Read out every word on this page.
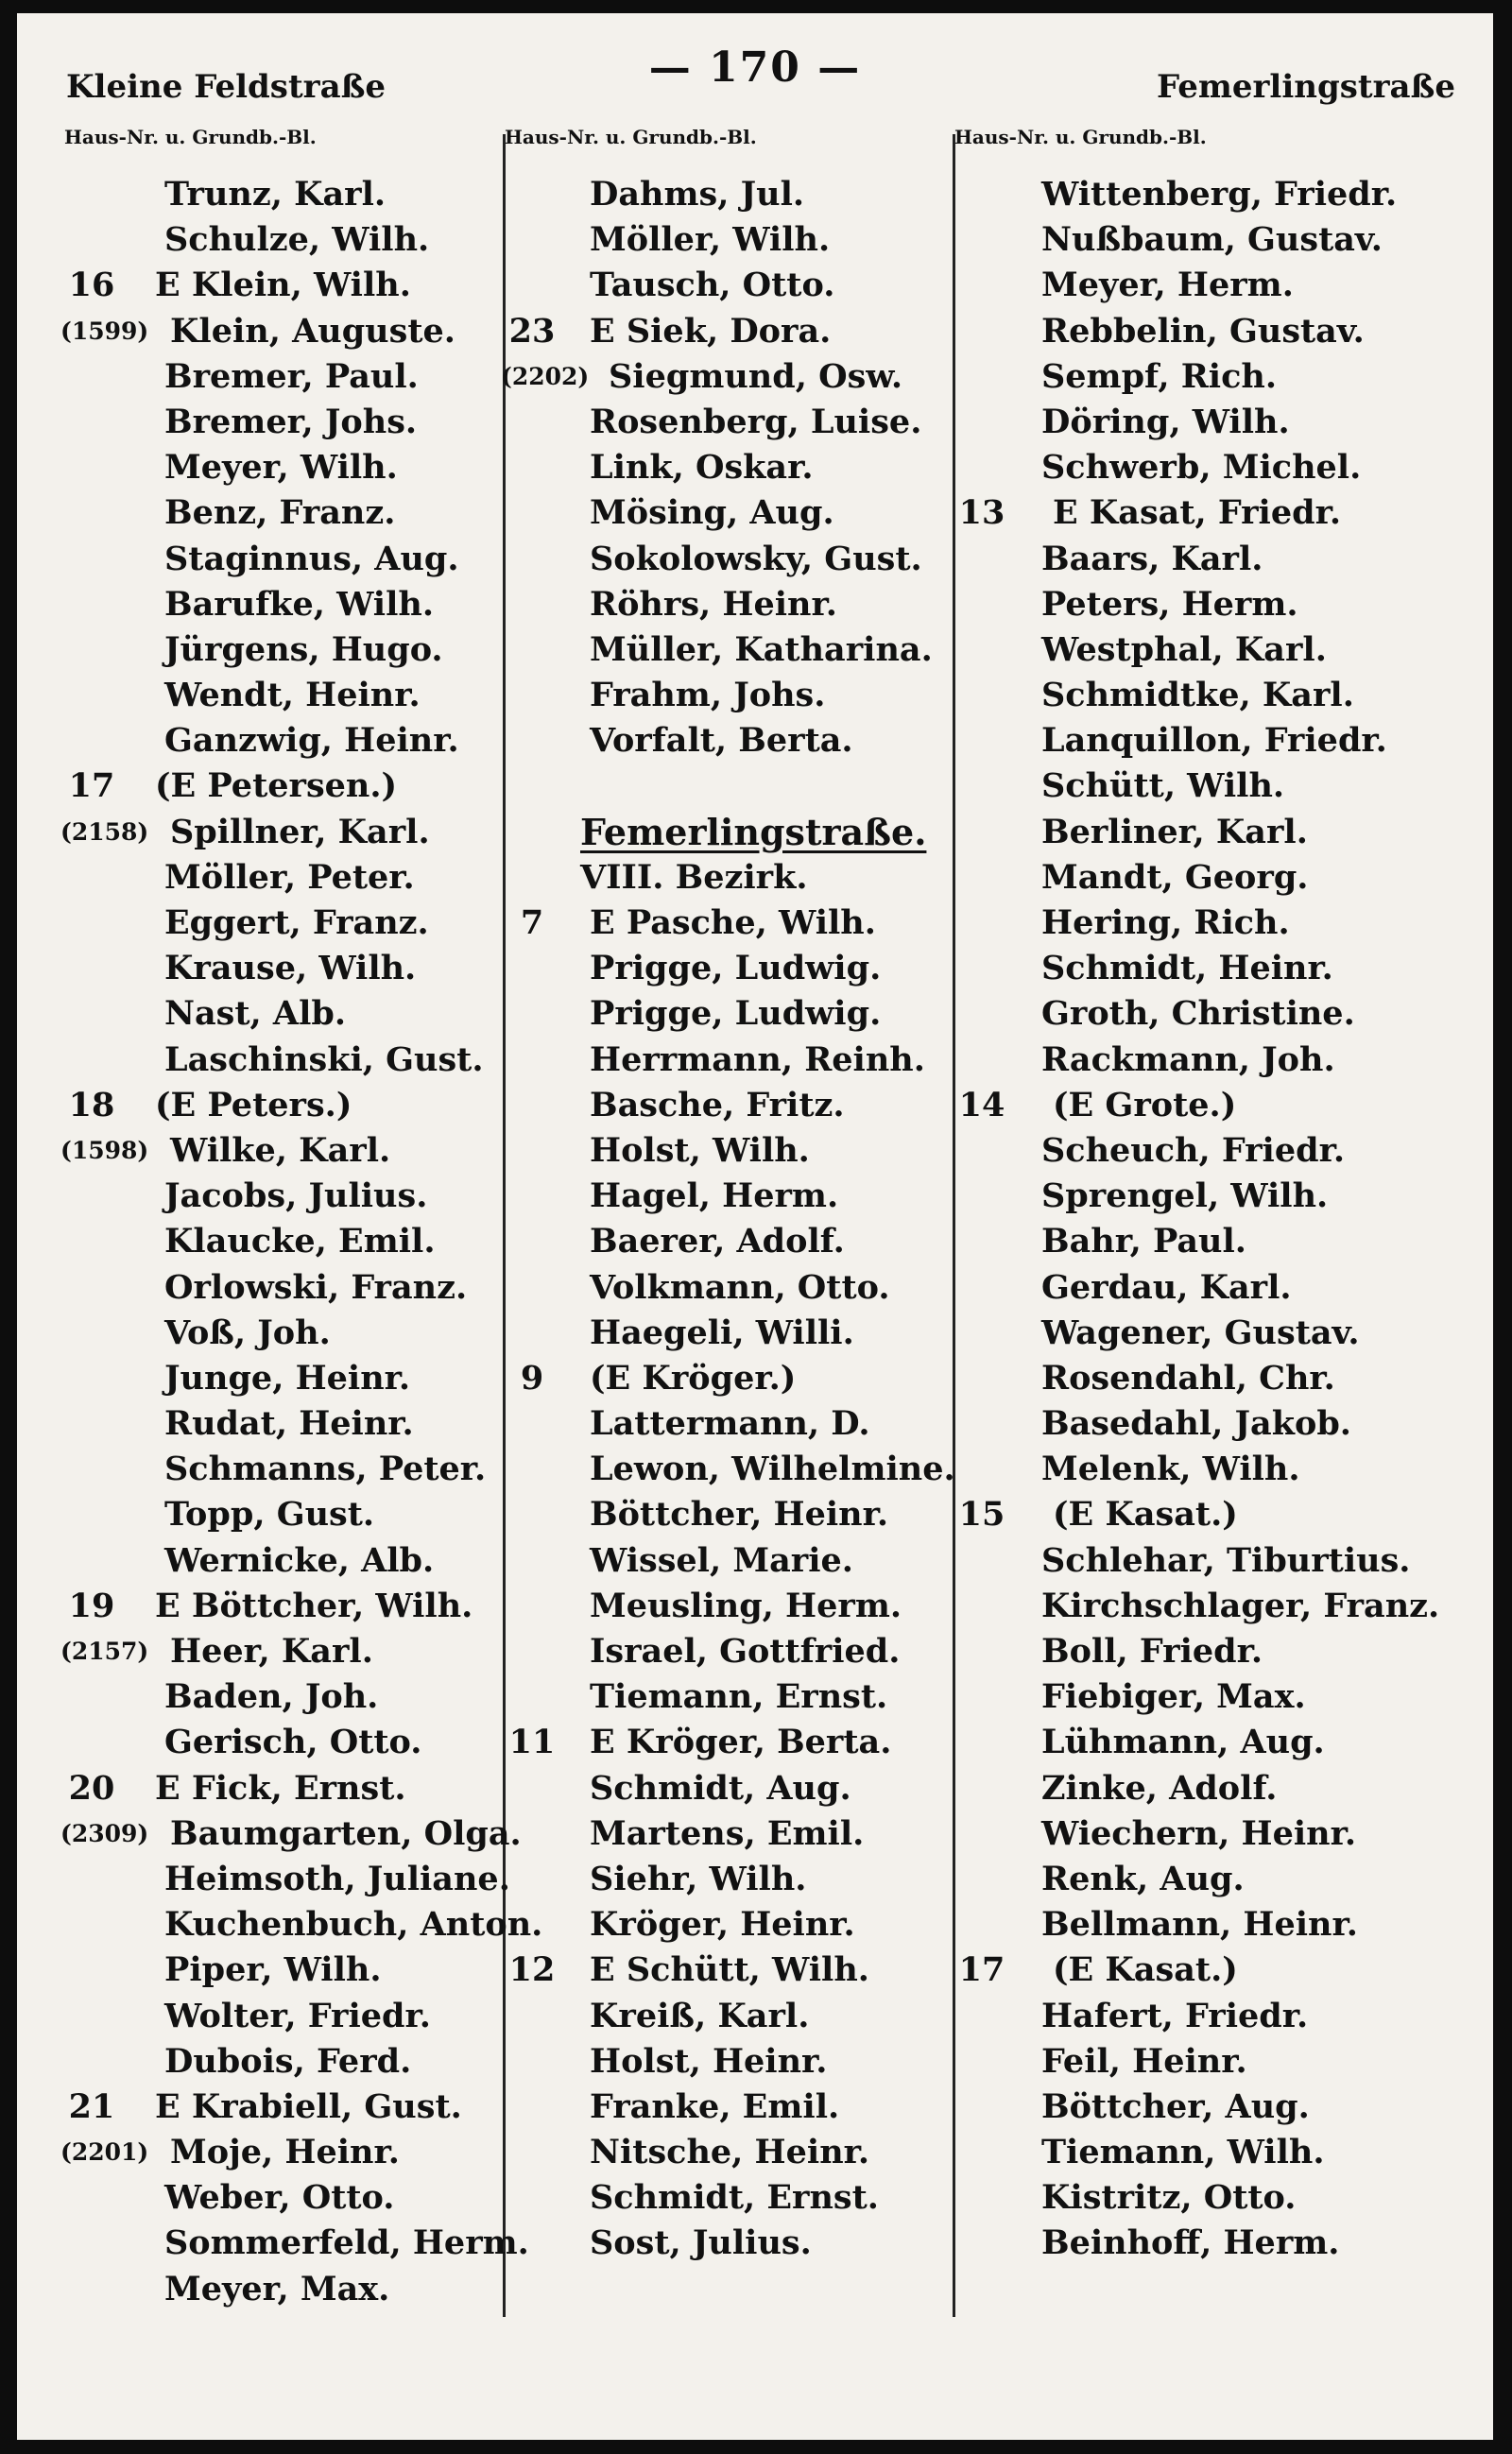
Kleine Feldstraße	— 170 —	Femerlingstraße
Haus-Nr. u. Grundb.-Bl.
Trunz, Karl.
Schulze, Wilh.
16 E Klein, Wilh.
(1599) Klein, Auguste.
Bremer, Paul.
Bremer, Johs.
Meyer, Wilh.
Benz, Franz.
Staginnus, Aug.
Barufke, Wilh.
Jürgens, Hugo.
Wendt, Heinr.
Ganzwig, Heinr.
17 (E Petersen.)
(2158) Spillner, Karl.
Möller, Peter.
Eggert, Franz.
Krause, Wilh.
Nast, Alb.
Laschinski, Gust.
18 (E Peters.)
(1598) Wilke, Karl.
Jacobs, Julius.
Klaucke, Emil.
Orlowski, Franz.
Voß, Joh.
Junge, Heinr.
Rudat, Heinr.
Schmanns, Peter.
Topp, Gust.
Wernicke, Alb.
19 E Böttcher, Wilh.
(2157) Heer, Karl.
Baden, Joh.
Gerisch, Otto.
20 E Fick, Ernst.
(2309) Baumgarten, Olga.
Heimsoth, Juliane.
Kuchenbuch, Anton.
Piper, Wilh.
Wolter, Friedr.
Dubois, Ferd.
21 E Krabiell, Gust.
(2201) Moje, Heinr.
Weber, Otto.
Sommerfeld, Herm.
Meyer, Max.
Haus-Nr. u. Grundb.-Bl.
Dahms, Jul.
Möller, Wilh.
Tausch, Otto.
23 E Siek, Dora.
(2202) Siegmund, Osw.
Rosenberg, Luise.
Link, Oskar.
Mösing, Aug.
Sokolowsky, Gust.
Röhrs, Heinr.
Müller, Katharina.
Frahm, Johs.
Vorfalt, Berta.
Femerlingstraße.
VIII. Bezirk.
7	E Pasche, Wilh.
Prigge, Ludwig.
Prigge, Ludwig.
Herrmann, Reinh.
Basche, Fritz.
Holst, Wilh.
Hagel, Herm.
Baerer, Adolf.
Volkmann, Otto.
Haegeli, Willi.
9	(E Kröger.)
Lattermann, D.
Lewon, Wilhelmine.
Böttcher, Heinr.
Wissel, Marie.
Meusling, Herm.
Israel, Gottfried.
Tiemann, Ernst.
11 E Kröger, Berta.
Schmidt, Aug.
Martens, Emil.
Siehr, Wilh.
Kröger, Heinr.
12 E Schütt, Wilh.
Kreiß, Karl.
Holst, Heinr.
Franke, Emil.
Nitsche, Heinr.
Schmidt, Ernst.
Sost, Julius.
Haus-Nr. u. Grundb.-Bl.
Wittenberg, Friedr.
Nußbaum, Gustav.
Meyer, Herm.
Rebbelin, Gustav.
Sempf, Rich.
Döring, Wilh.
Schwerb, Michel.
13 E Kasat, Friedr.
Baars, Karl.
Peters, Herm.
Westphal, Karl.
Schmidtke, Karl.
Lanquillon, Friedr.
Schütt, Wilh.
Berliner, Karl.
Mandt, Georg.
Hering, Rich.
Schmidt, Heinr.
Groth, Christine.
Rackmann, Joh.
14 (E Grote.)
Scheuch, Friedr.
Sprengel, Wilh.
Bahr, Paul.
Gerdau, Karl.
Wagener, Gustav.
Rosendahl, Chr.
Basedahl, Jakob.
Melenk, Wilh.
15 (E Kasat.)
Schlehar, Tiburtius.
Kirchschlager, Franz.
Boll, Friedr.
Fiebiger, Max.
Lühmann, Aug.
Zinke, Adolf.
Wiechern, Heinr.
Renk, Aug.
Bellmann, Heinr.
17 (E Kasat.)
Hafert, Friedr.
Feil, Heinr.
Böttcher, Aug.
Tiemann, Wilh.
Kistritz, Otto.
Beinhoff, Herm.
